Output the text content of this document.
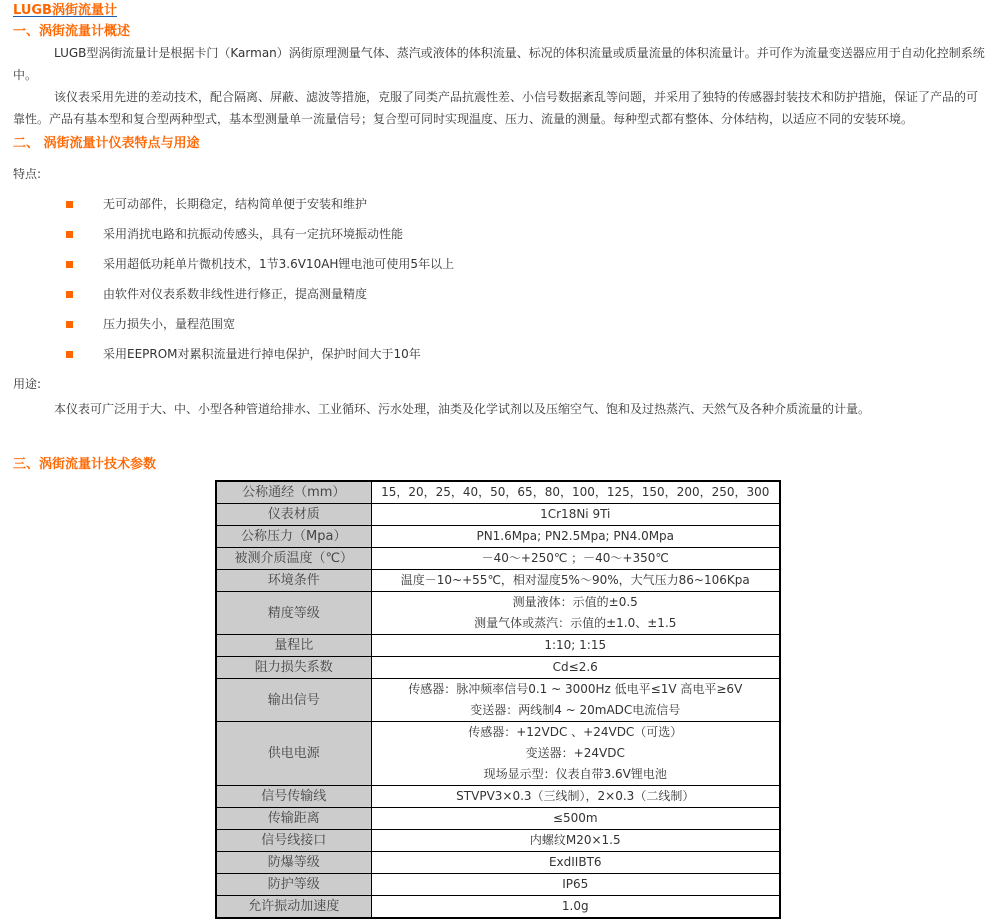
LUGB涡街流量计
一、涡街流量计概述
LUGB型涡街流量计是根据卡门（Karman）涡街原理测量气体、蒸汽或液体的体积流量、标况的体积流量或质量流量的体积流量计。并可作为流量变送器应用于自动化控制系统
中。
该仪表采用先进的差动技术，配合隔离、屏蔽、滤波等措施，克服了同类产品抗震性差、小信号数据紊乱等问题，并采用了独特的传感器封装技术和防护措施，保证了产品的可
靠性。产品有基本型和复合型两种型式，基本型测量单一流量信号；复合型可同时实现温度、压力、流量的测量。每种型式都有整体、分体结构，以适应不同的安装环境。
二、 涡街流量计仪表特点与用途
特点:
无可动部件，长期稳定，结构简单便于安装和维护
采用消扰电路和抗振动传感头，具有一定抗环境振动性能
采用超低功耗单片微机技术，1节3.6V10AH锂电池可使用5年以上
由软件对仪表系数非线性进行修正，提高测量精度
压力损失小，量程范围宽
采用EEPROM对累积流量进行掉电保护，保护时间大于10年
用途:
本仪表可广泛用于大、中、小型各种管道给排水、工业循环、污水处理，油类及化学试剂以及压缩空气、饱和及过热蒸汽、天然气及各种介质流量的计量。
三、涡街流量计技术参数
公称通经（mm）	15，20，25，40，50，65，80，100，125，150，200，250，300

仪表材质	1Cr18Ni 9Ti

公称压力（Mpa）	PN1.6Mpa; PN2.5Mpa; PN4.0Mpa

被测介质温度（℃）	－40～+250℃ ；－40～+350℃

环境条件	温度－10~+55℃，相对湿度5%～90%，大气压力86~106Kpa

精度等级	测量液体：示值的±0.5
测量气体或蒸汽：示值的±1.0、±1.5

量程比	1:10; 1:15

阻力损失系数	Cd≤2.6

输出信号	传感器：脉冲频率信号0.1 ~ 3000Hz 低电平≤1V 高电平≥6V
变送器：两线制4 ~ 20mADC电流信号

供电电源	传感器：+12VDC 、+24VDC（可选）
变送器：+24VDC
现场显示型：仪表自带3.6V锂电池

信号传输线	STVPV3×0.3（三线制），2×0.3（二线制）

传输距离	≤500m

信号线接口	内螺纹M20×1.5

防爆等级	ExdIIBT6

防护等级	IP65

允许振动加速度	1.0g
